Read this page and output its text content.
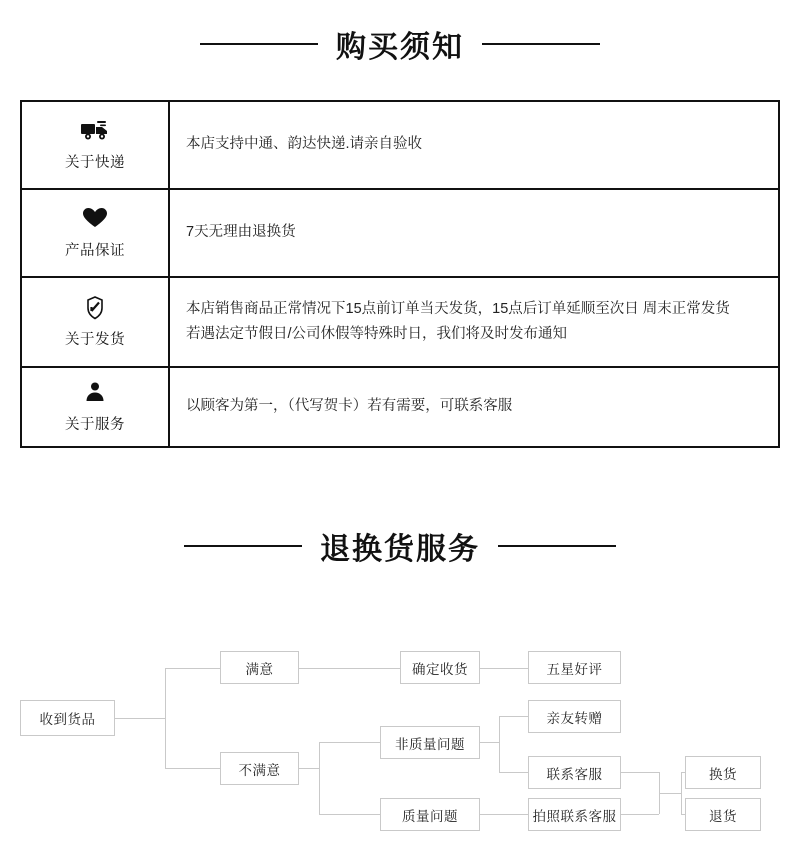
购买须知
关于快递	本店支持中通、韵达快递.请亲自验收

产品保证	7天无理由退换货

关于发货	本店销售商品正常情况下15点前订单当天发货，15点后订单延顺至次日 周末正常发货

若遇法定节假日/公司休假等特殊时日，我们将及时发布通知

关于服务	以顾客为第一，（代写贺卡）若有需要，可联系客服

退换货服务
收到货品
满意	确定收货	五星好评
不满意
非质量问题
质量问题
亲友转赠
联系客服
拍照联系客服
换货
退货
